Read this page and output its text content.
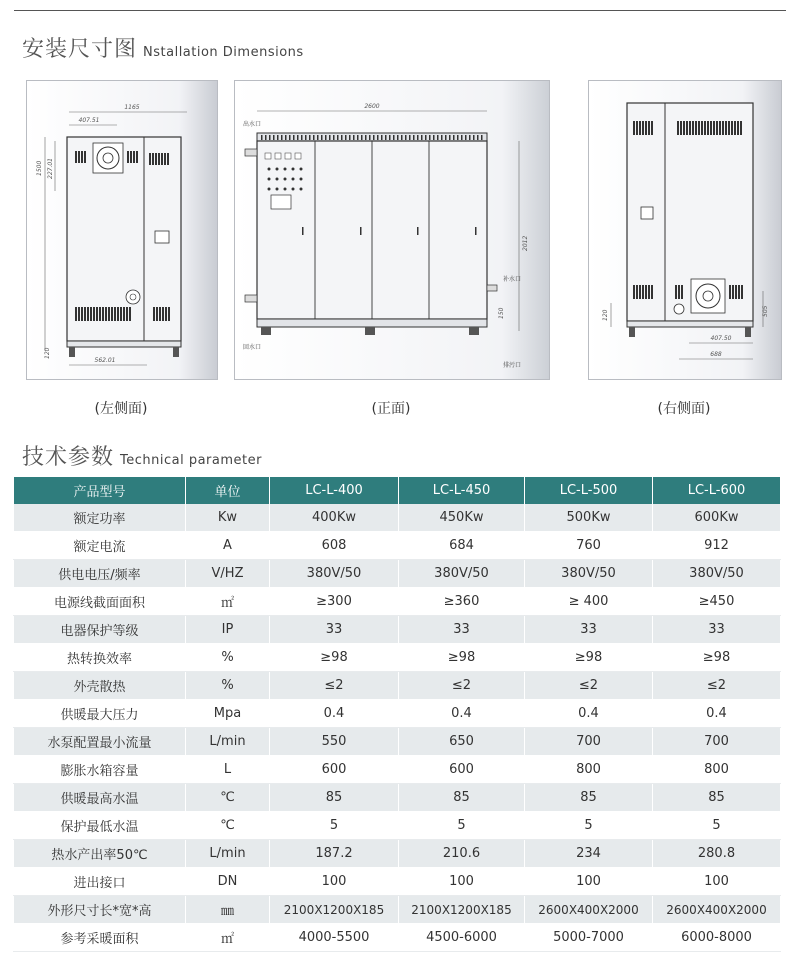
安装尺寸图 Nstallation Dimensions
1165
407.51
1500 227.01
120
562.01
2600
出水口
2012
补水口
150
回水口
排污口
120	505
407.50
688
(左侧面)	(正面)	(右侧面)
技术参数 Technical parameter
产品型号	单位	LC-L-400	LC-L-450	LC-L-500	LC-L-600
额定功率	Kw	400Kw	450Kw	500Kw	600Kw
额定电流	A	608	684	760	912
供电电压/频率	V/HZ	380V/50	380V/50	380V/50	380V/50
电源线截面面积	㎡	≥300	≥360	≥ 400	≥450
电器保护等级	IP	33	33	33	33
热转换效率	%	≥98	≥98	≥98	≥98
外壳散热	%	≤2	≤2	≤2	≤2
供暖最大压力	Mpa	0.4	0.4	0.4	0.4
水泵配置最小流量	L/min	550	650	700	700
膨胀水箱容量	L	600	600	800	800
供暖最高水温	℃	85	85	85	85
保护最低水温	℃	5	5	5	5
热水产出率50℃	L/min	187.2	210.6	234	280.8
进出接口	DN	100	100	100	100
外形尺寸长*宽*高	㎜	2100X1200X185	2100X1200X185	2600X400X2000	2600X400X2000
参考采暖面积	㎡	4000-5500	4500-6000	5000-7000	6000-8000
